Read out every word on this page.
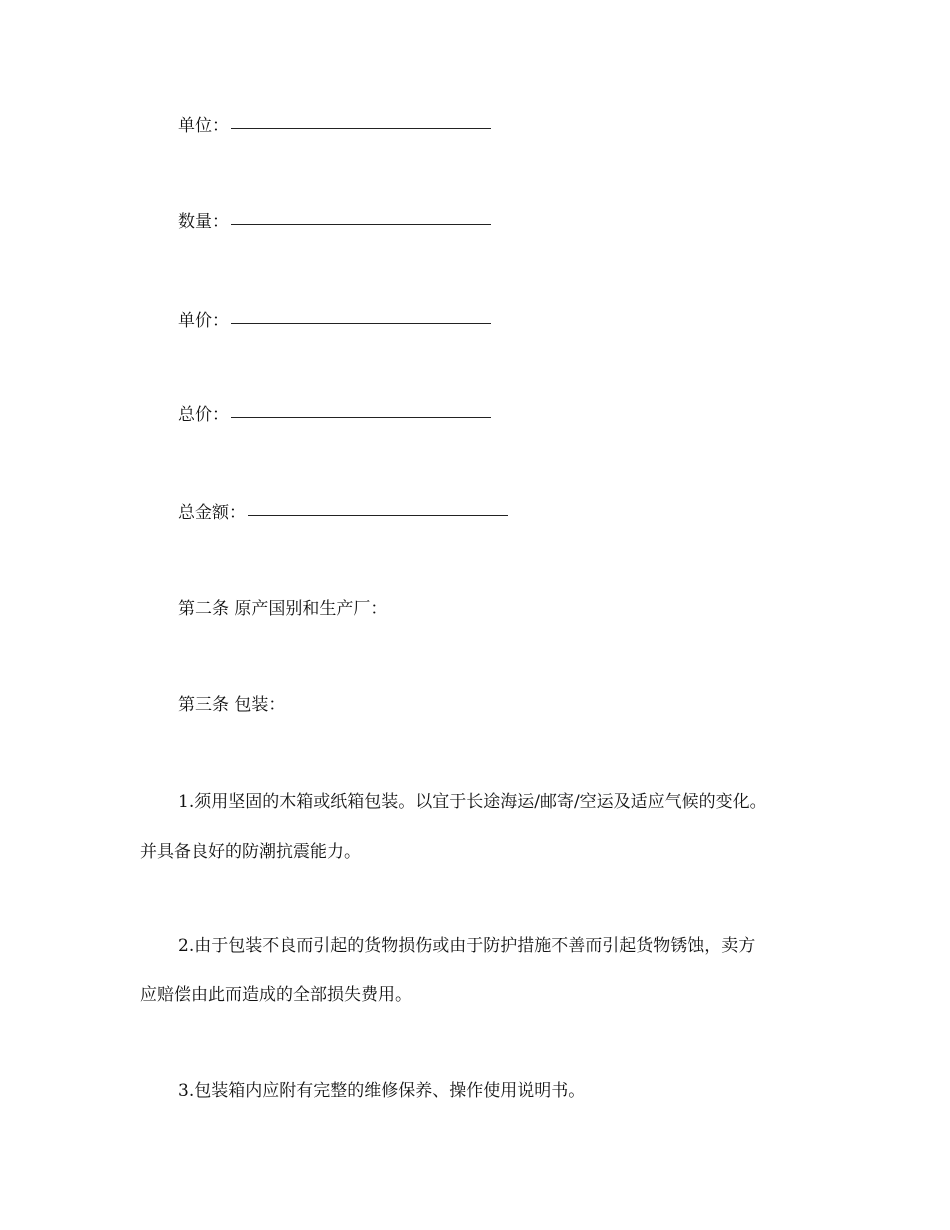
单位：
数量：
单价：
总价：
总金额：
第二条 原产国别和生产厂：
第三条 包装：
1.须用坚固的木箱或纸箱包装。以宜于长途海运/邮寄/空运及适应气候的变化。
并具备良好的防潮抗震能力。
2.由于包装不良而引起的货物损伤或由于防护措施不善而引起货物锈蚀，卖方
应赔偿由此而造成的全部损失费用。
3.包装箱内应附有完整的维修保养、操作使用说明书。
